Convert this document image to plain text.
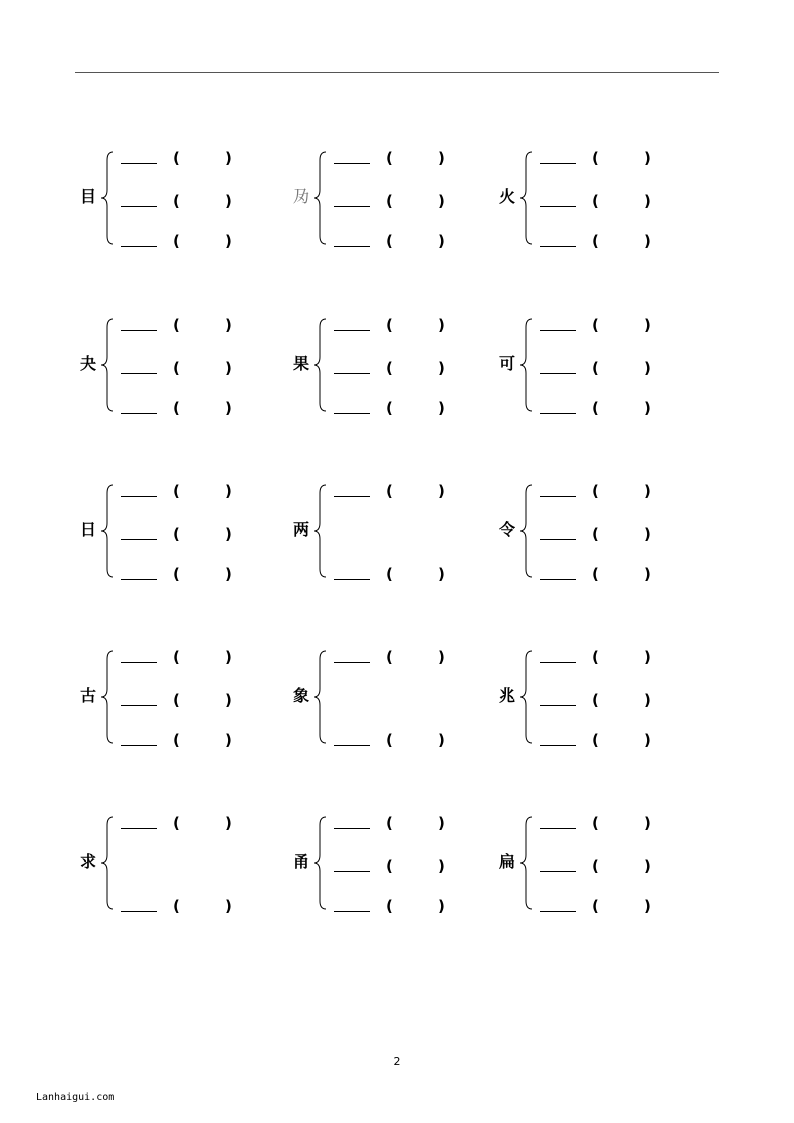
目
(	)
(	)
(	)
夃
(	)
(	)
(	)
火
(	)
(	)
(	)
夬
(	)
(	)
(	)
果
(	)
(	)
(	)
可
(	)
(	)
(	)
日
(	)
(	)
(	)
两
(	)
(	)
令
(	)
(	)
(	)
古
(	)
(	)
(	)
象
(	)
(	)
兆
(	)
(	)
(	)
求
(	)
(	)
甬
(	)
(	)
(	)
扁
(	)
(	)
(	)
2
Lanhaigui.com
